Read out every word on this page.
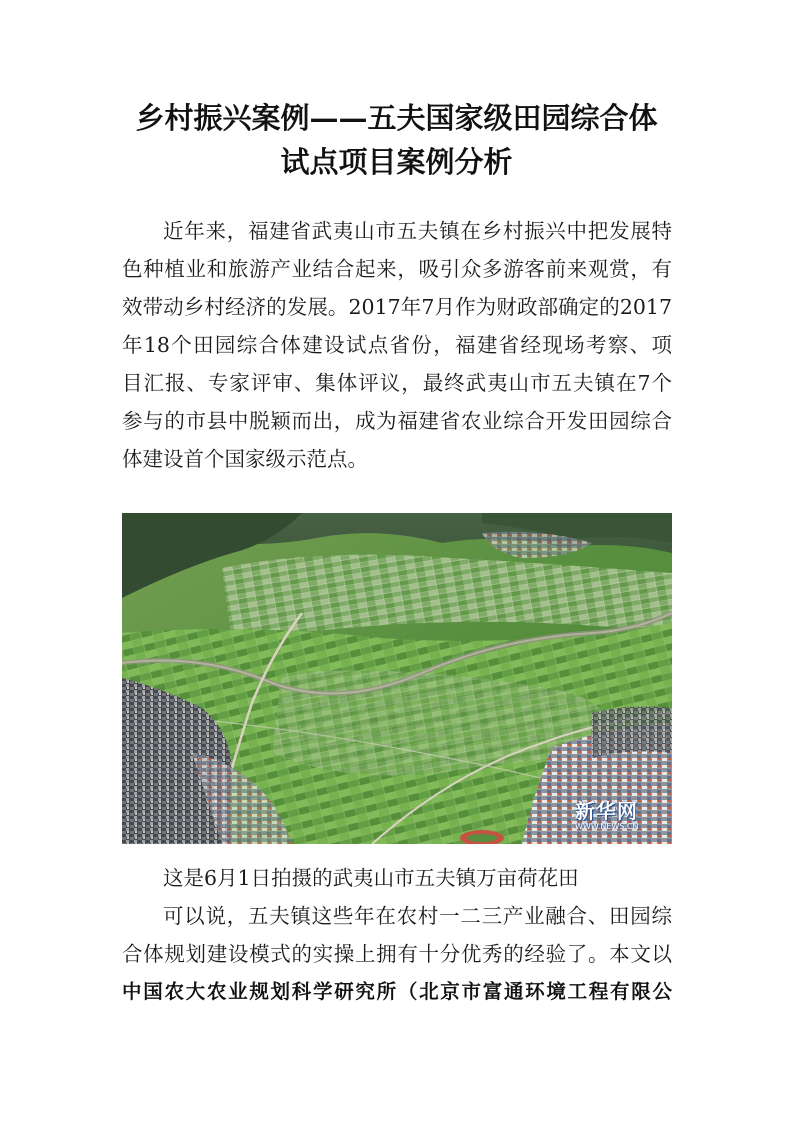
乡村振兴案例——五夫国家级田园综合体
试点项目案例分析
近年来，福建省武夷山市五夫镇在乡村振兴中把发展特
色种植业和旅游产业结合起来，吸引众多游客前来观赏，有
效带动乡村经济的发展。2017年7月作为财政部确定的2017
年18个田园综合体建设试点省份，福建省经现场考察、项
目汇报、专家评审、集体评议，最终武夷山市五夫镇在7个
参与的市县中脱颖而出，成为福建省农业综合开发田园综合
体建设首个国家级示范点。
新华网
WWW.NEWS.CN
这是6月1日拍摄的武夷山市五夫镇万亩荷花田
可以说，五夫镇这些年在农村一二三产业融合、田园综
合体规划建设模式的实操上拥有十分优秀的经验了。本文以
中国农大农业规划科学研究所（北京市富通环境工程有限公
